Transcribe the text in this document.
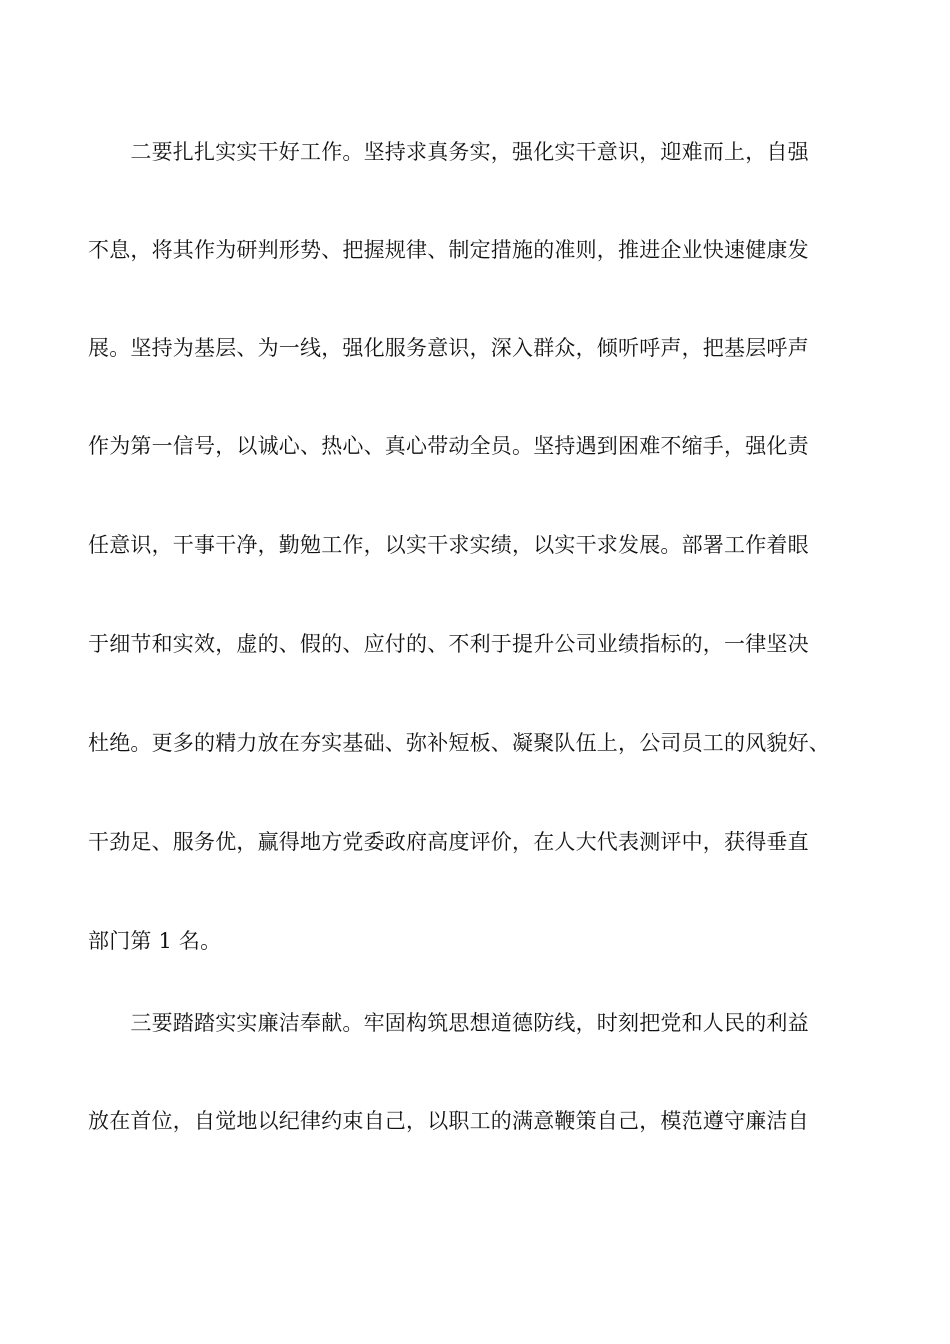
　　二要扎扎实实干好工作。坚持求真务实，强化实干意识，迎难而上，自强
不息，将其作为研判形势、把握规律、制定措施的准则，推进企业快速健康发
展。坚持为基层、为一线，强化服务意识，深入群众，倾听呼声，把基层呼声
作为第一信号，以诚心、热心、真心带动全员。坚持遇到困难不缩手，强化责
任意识，干事干净，勤勉工作，以实干求实绩，以实干求发展。部署工作着眼
于细节和实效，虚的、假的、应付的、不利于提升公司业绩指标的，一律坚决
杜绝。更多的精力放在夯实基础、弥补短板、凝聚队伍上，公司员工的风貌好、
干劲足、服务优，赢得地方党委政府高度评价，在人大代表测评中，获得垂直
部门第 1 名。
　　三要踏踏实实廉洁奉献。牢固构筑思想道德防线，时刻把党和人民的利益
放在首位，自觉地以纪律约束自己，以职工的满意鞭策自己，模范遵守廉洁自
